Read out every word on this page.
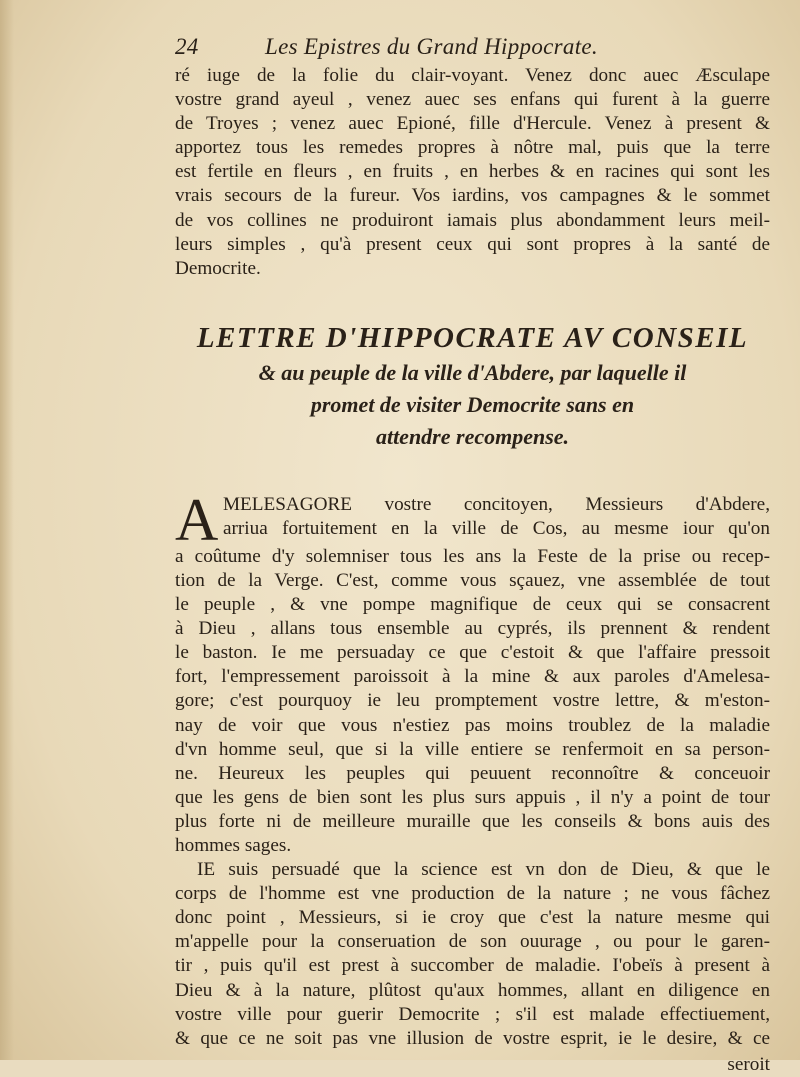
24	Les Epistres du Grand Hippocrate.
ré iuge de la folie du clair-voyant. Venez donc auec Æsculape
vostre grand ayeul , venez auec ses enfans qui furent à la guerre
de Troyes ; venez auec Epioné, fille d'Hercule. Venez à present &
apportez tous les remedes propres à nôtre mal, puis que la terre
est fertile en fleurs , en fruits , en herbes & en racines qui sont les
vrais secours de la fureur. Vos iardins, vos campagnes & le sommet
de vos collines ne produiront iamais plus abondamment leurs meil-
leurs simples , qu'à present ceux qui sont propres à la santé de
Democrite.
LETTRE D'HIPPOCRATE AV CONSEIL
& au peuple de la ville d'Abdere, par laquelle il
promet de visiter Democrite sans en
attendre recompense.
A MELESAGORE vostre concitoyen, Messieurs d'Abdere,
arriua fortuitement en la ville de Cos, au mesme iour qu'on
a coûtume d'y solemniser tous les ans la Feste de la prise ou recep-
tion de la Verge. C'est, comme vous sçauez, vne assemblée de tout
le peuple , & vne pompe magnifique de ceux qui se consacrent
à Dieu , allans tous ensemble au cyprés, ils prennent & rendent
le baston. Ie me persuaday ce que c'estoit & que l'affaire pressoit
fort, l'empressement paroissoit à la mine & aux paroles d'Amelesa-
gore; c'est pourquoy ie leu promptement vostre lettre, & m'eston-
nay de voir que vous n'estiez pas moins troublez de la maladie
d'vn homme seul, que si la ville entiere se renfermoit en sa person-
ne. Heureux les peuples qui peuuent reconnoître & conceuoir
que les gens de bien sont les plus surs appuis , il n'y a point de tour
plus forte ni de meilleure muraille que les conseils & bons auis des
hommes sages.
IE suis persuadé que la science est vn don de Dieu, & que le
corps de l'homme est vne production de la nature ; ne vous fâchez
donc point , Messieurs, si ie croy que c'est la nature mesme qui
m'appelle pour la conseruation de son ouurage , ou pour le garen-
tir , puis qu'il est prest à succomber de maladie. I'obeïs à present à
Dieu & à la nature, plûtost qu'aux hommes, allant en diligence en
vostre ville pour guerir Democrite ; s'il est malade effectiuement,
& que ce ne soit pas vne illusion de vostre esprit, ie le desire, & ce
seroit
